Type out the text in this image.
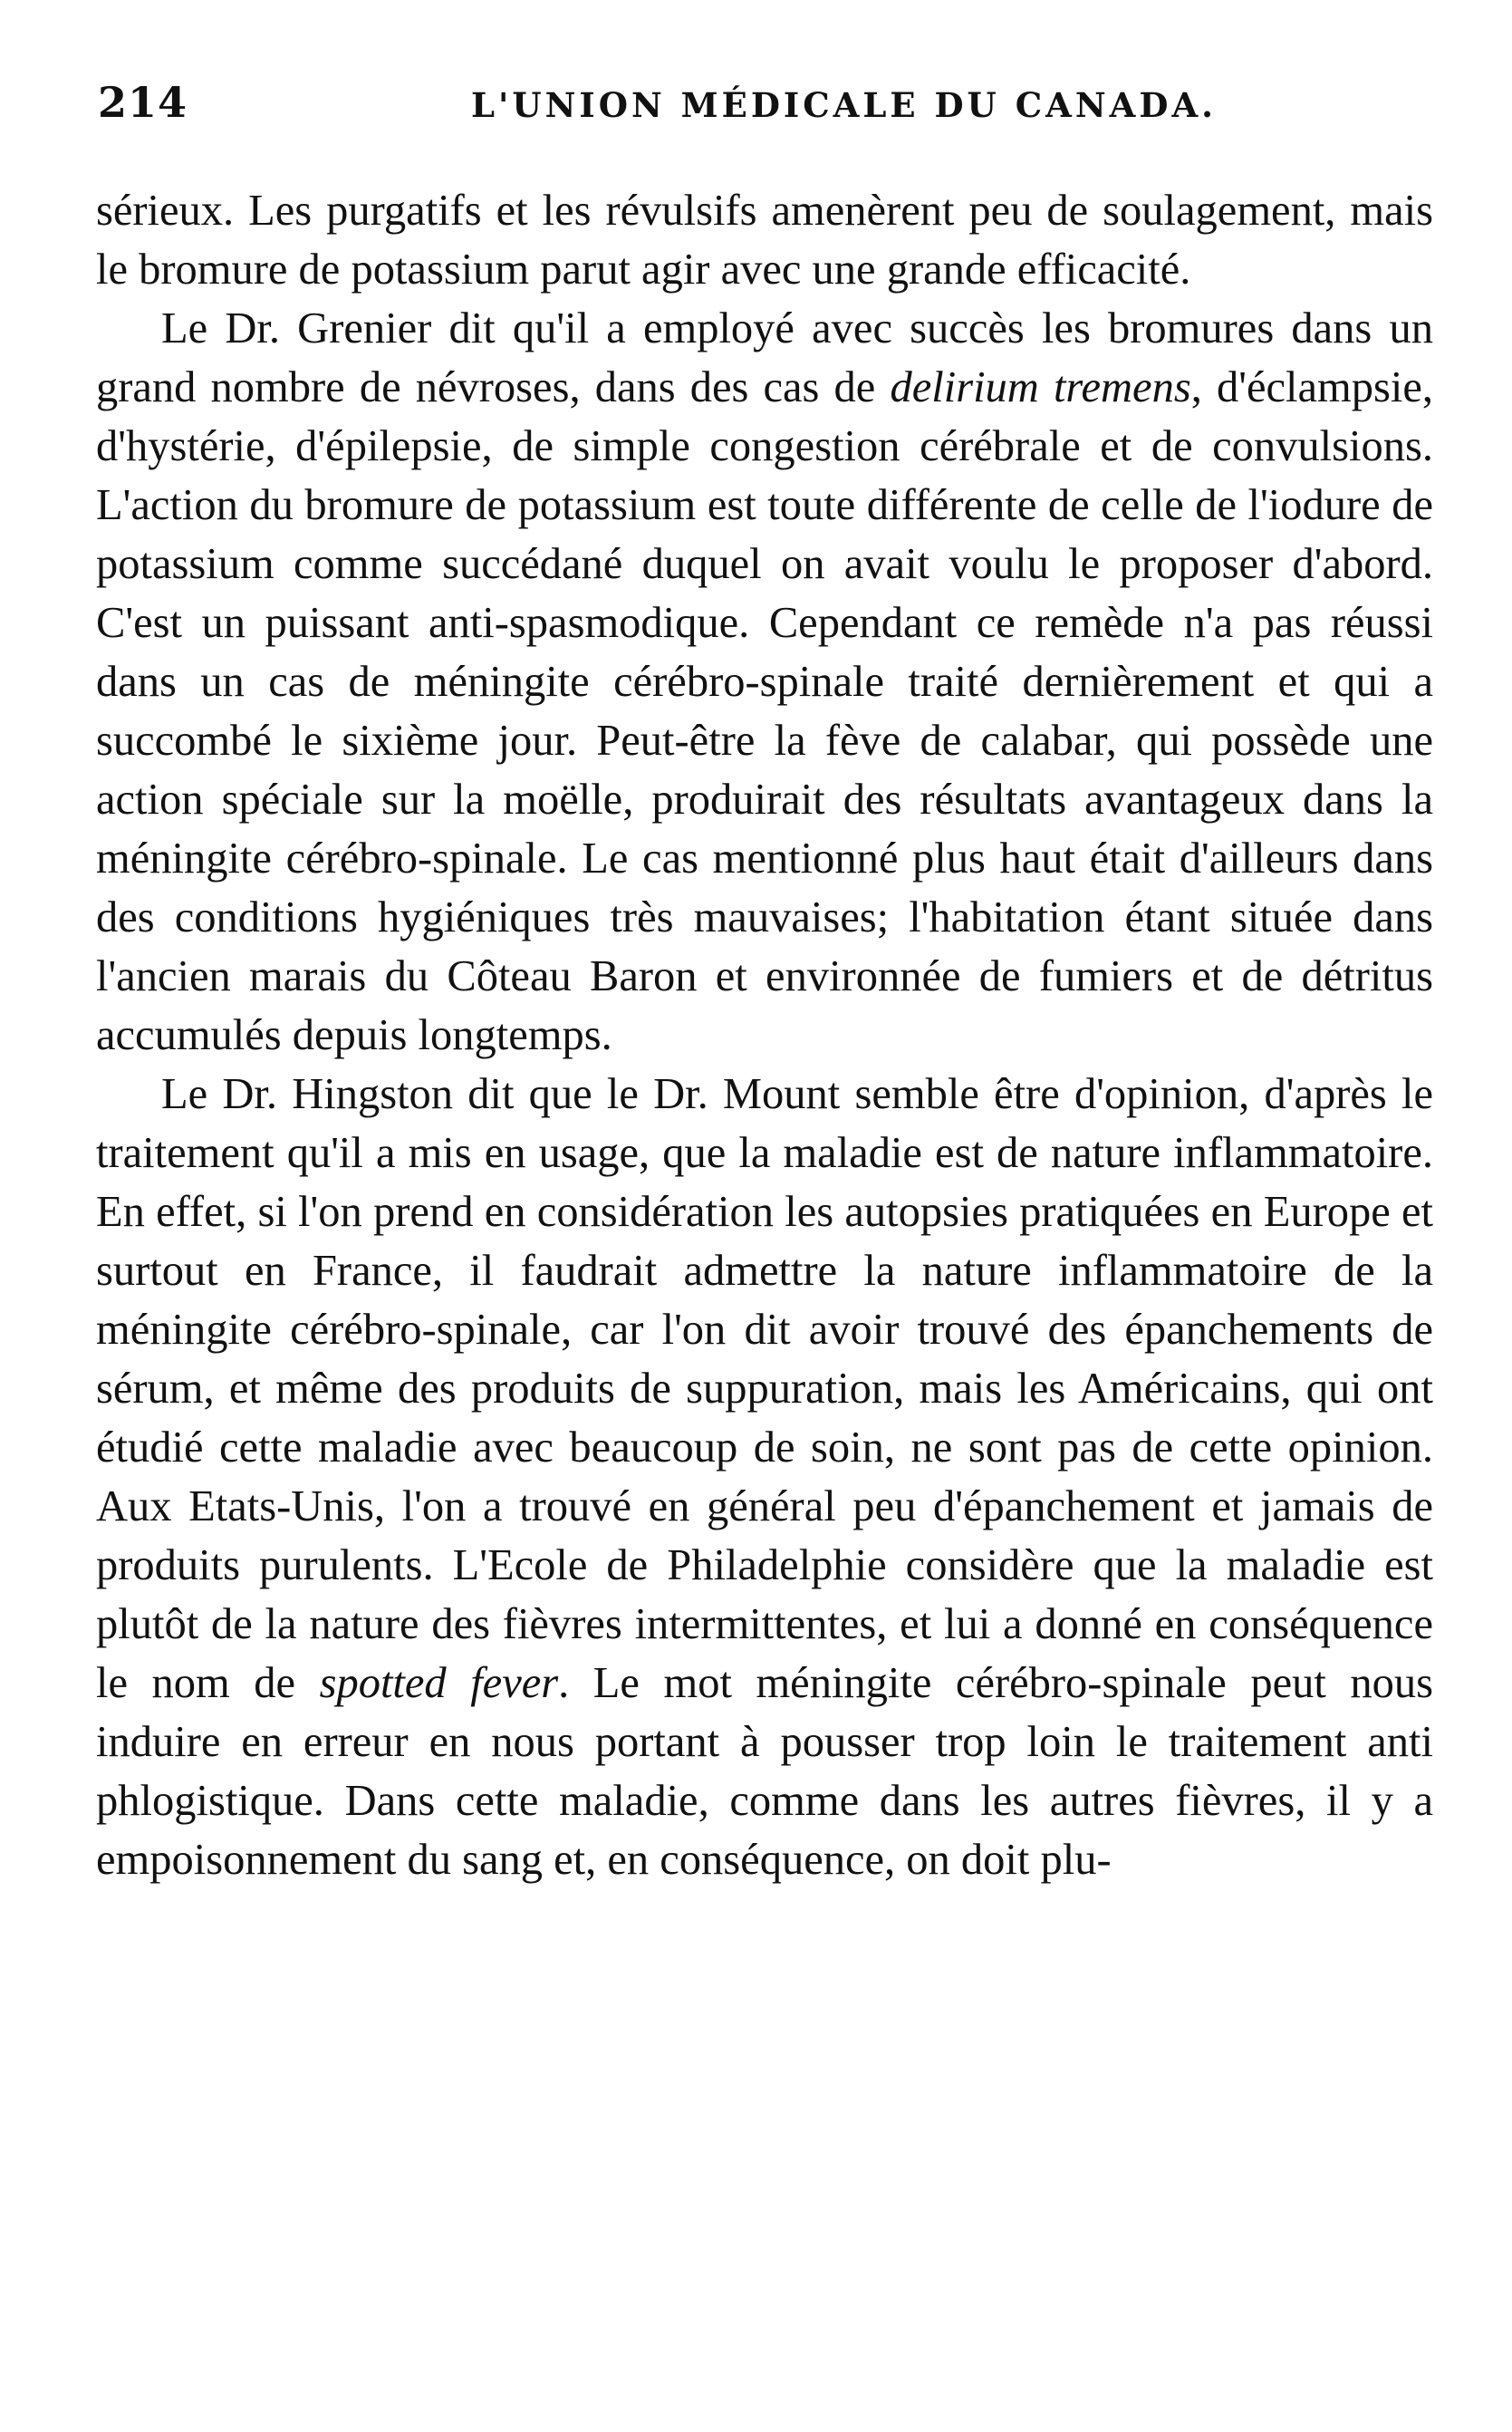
214	L'UNION MÉDICALE DU CANADA.

sérieux. Les purgatifs et les révulsifs amenèrent peu de soulagement, mais le bromure de potassium parut agir avec une grande efficacité.

Le Dr. Grenier dit qu'il a employé avec succès les bromures dans un grand nombre de névroses, dans des cas de delirium tremens, d'éclampsie, d'hystérie, d'épilepsie, de simple congestion cérébrale et de convulsions. L'action du bromure de potassium est toute différente de celle de l'iodure de potassium comme succédané duquel on avait voulu le proposer d'abord. C'est un puissant anti-spasmodique. Cependant ce remède n'a pas réussi dans un cas de méningite cérébro-spinale traité dernièrement et qui a succombé le sixième jour. Peut-être la fève de calabar, qui possède une action spéciale sur la moëlle, produirait des résultats avantageux dans la méningite cérébro-spinale. Le cas mentionné plus haut était d'ailleurs dans des conditions hygiéniques très mauvaises; l'habitation étant située dans l'ancien marais du Côteau Baron et environnée de fumiers et de détritus accumulés depuis longtemps.

Le Dr. Hingston dit que le Dr. Mount semble être d'opinion, d'après le traitement qu'il a mis en usage, que la maladie est de nature inflammatoire. En effet, si l'on prend en considération les autopsies pratiquées en Europe et surtout en France, il faudrait admettre la nature inflammatoire de la méningite cérébro-spinale, car l'on dit avoir trouvé des épanchements de sérum, et même des produits de suppuration, mais les Américains, qui ont étudié cette maladie avec beaucoup de soin, ne sont pas de cette opinion. Aux Etats-Unis, l'on a trouvé en général peu d'épanchement et jamais de produits purulents. L'Ecole de Philadelphie considère que la maladie est plutôt de la nature des fièvres intermittentes, et lui a donné en conséquence le nom de spotted fever. Le mot méningite cérébro-spinale peut nous induire en erreur en nous portant à pousser trop loin le traitement anti phlogistique. Dans cette maladie, comme dans les autres fièvres, il y a empoisonnement du sang et, en conséquence, on doit plu-
